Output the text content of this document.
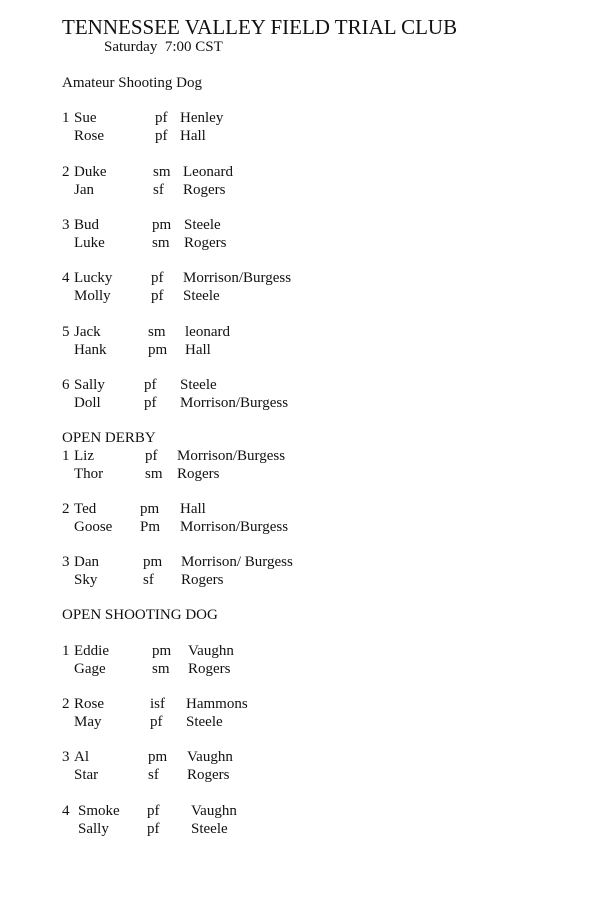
TENNESSEE VALLEY FIELD TRIAL CLUB
Saturday  7:00 CST
Amateur Shooting Dog
OPEN DERBY
OPEN SHOOTING DOG
1 Sue	pf Henley
Rose	pf Hall
2 Duke	sm Leonard
Jan	sf Rogers
3 Bud	pm Steele
Luke	sm Rogers
4 Lucky	pf Morrison/Burgess
Molly	pf Steele
5 Jack	sm leonard
Hank	pm Hall
6 Sally	pf Steele
Doll	pf Morrison/Burgess
1 Liz	pf Morrison/Burgess
Thor	sm Rogers
2 Ted	pm Hall
Goose Pm Morrison/Burgess
3 Dan	pm Morrison/ Burgess
Sky	sf Rogers
1 Eddie	pm Vaughn
Gage	sm Rogers
2 Rose	isf Hammons
May	pf Steele
3 Al	pm Vaughn
Star	sf Rogers
4 Smoke pf Vaughn
Sally	pf Steele
